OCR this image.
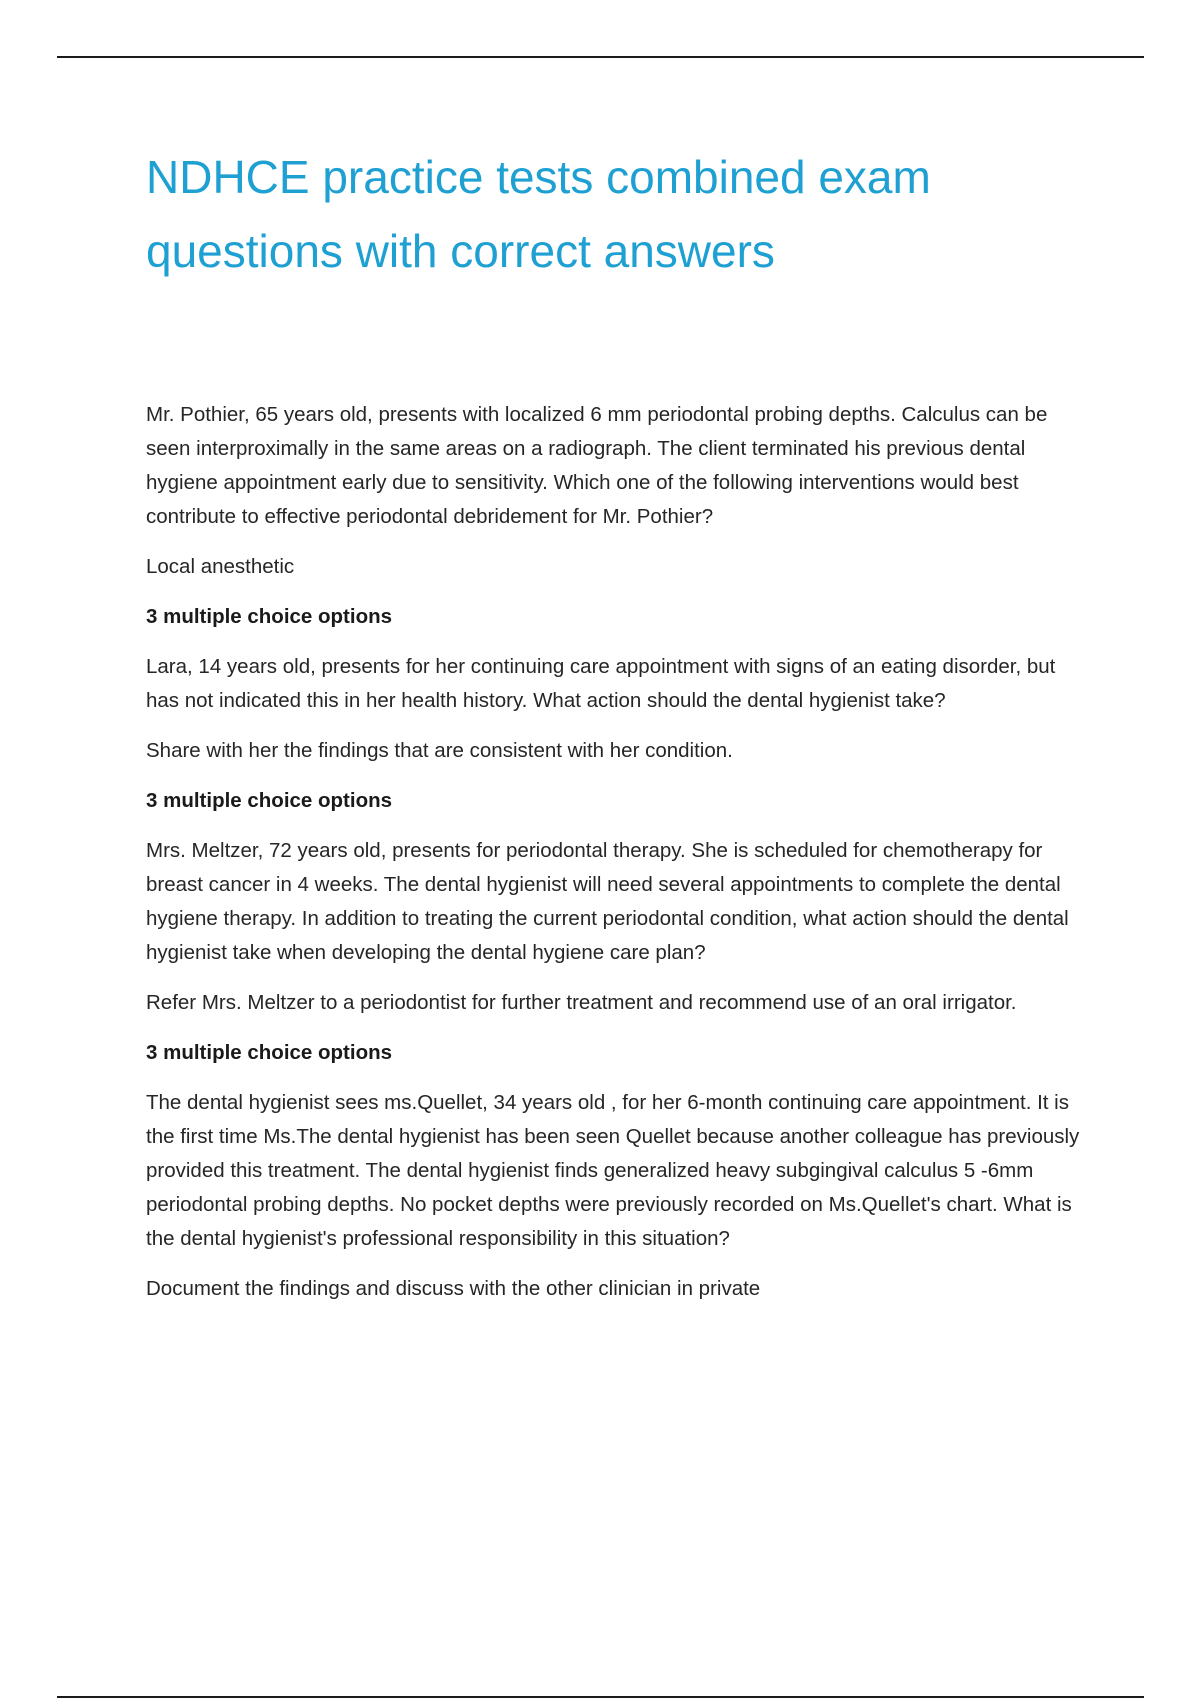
NDHCE practice tests combined exam questions with correct answers

Mr. Pothier, 65 years old, presents with localized 6 mm periodontal probing depths. Calculus can be seen interproximally in the same areas on a radiograph. The client terminated his previous dental hygiene appointment early due to sensitivity. Which one of the following interventions would best contribute to effective periodontal debridement for Mr. Pothier?

Local anesthetic

3 multiple choice options

Lara, 14 years old, presents for her continuing care appointment with signs of an eating disorder, but has not indicated this in her health history. What action should the dental hygienist take?

Share with her the findings that are consistent with her condition.

3 multiple choice options

Mrs. Meltzer, 72 years old, presents for periodontal therapy. She is scheduled for chemotherapy for breast cancer in 4 weeks. The dental hygienist will need several appointments to complete the dental hygiene therapy. In addition to treating the current periodontal condition, what action should the dental hygienist take when developing the dental hygiene care plan?

Refer Mrs. Meltzer to a periodontist for further treatment and recommend use of an oral irrigator.

3 multiple choice options

The dental hygienist sees ms.Quellet, 34 years old , for her 6-month continuing care appointment. It is the first time Ms.The dental hygienist has been seen Quellet because another colleague has previously provided this treatment. The dental hygienist finds generalized heavy subgingival calculus 5 -6mm periodontal probing depths. No pocket depths were previously recorded on Ms.Quellet's chart. What is the dental hygienist's professional responsibility in this situation?

Document the findings and discuss with the other clinician in private
